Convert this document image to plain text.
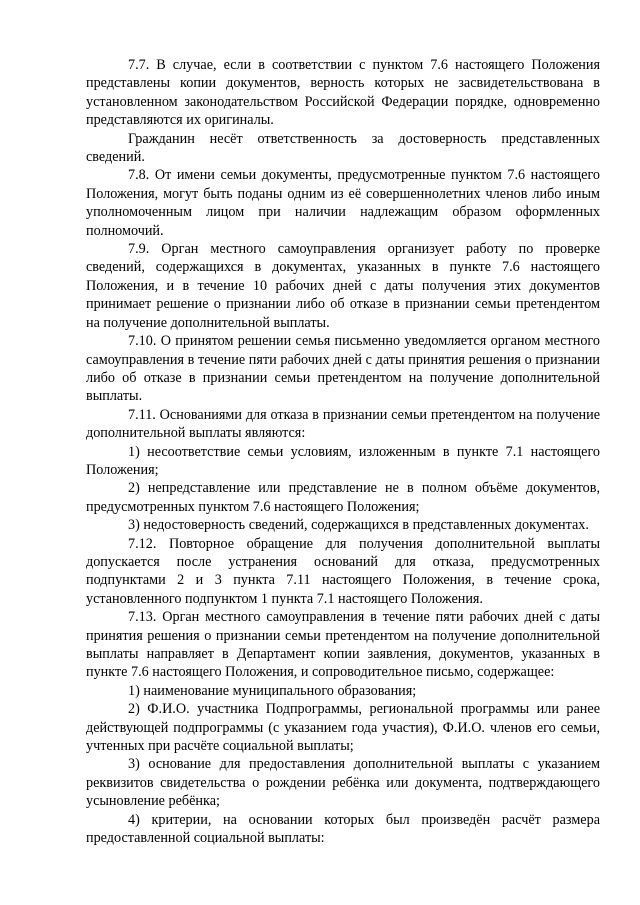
7.7. В случае, если в соответствии с пунктом 7.6 настоящего Положения представлены копии документов, верность которых не засвидетельствована в установленном законодательством Российской Федерации порядке, одновременно представляются их оригиналы.

Гражданин несёт ответственность за достоверность представленных сведений.

7.8. От имени семьи документы, предусмотренные пунктом 7.6 настоящего Положения, могут быть поданы одним из её совершеннолетних членов либо иным уполномоченным лицом при наличии надлежащим образом оформленных полномочий.

7.9. Орган местного самоуправления организует работу по проверке сведений, содержащихся в документах, указанных в пункте 7.6 настоящего Положения, и в течение 10 рабочих дней с даты получения этих документов принимает решение о признании либо об отказе в признании семьи претендентом на получение дополнительной выплаты.

7.10. О принятом решении семья письменно уведомляется органом местного самоуправления в течение пяти рабочих дней с даты принятия решения о признании либо об отказе в признании семьи претендентом на получение дополнительной выплаты.

7.11. Основаниями для отказа в признании семьи претендентом на получение дополнительной выплаты являются:

1) несоответствие семьи условиям, изложенным в пункте 7.1 настоящего Положения;

2) непредставление или представление не в полном объёме документов, предусмотренных пунктом 7.6 настоящего Положения;

3) недостоверность сведений, содержащихся в представленных документах.

7.12. Повторное обращение для получения дополнительной выплаты допускается после устранения оснований для отказа, предусмотренных подпунктами 2 и 3 пункта 7.11 настоящего Положения, в течение срока, установленного подпунктом 1 пункта 7.1 настоящего Положения.

7.13. Орган местного самоуправления в течение пяти рабочих дней с даты принятия решения о признании семьи претендентом на получение дополнительной выплаты направляет в Департамент копии заявления, документов, указанных в пункте 7.6 настоящего Положения, и сопроводительное письмо, содержащее:

1) наименование муниципального образования;

2) Ф.И.О. участника Подпрограммы, региональной программы или ранее действующей подпрограммы (с указанием года участия), Ф.И.О. членов его семьи, учтенных при расчёте социальной выплаты;

3) основание для предоставления дополнительной выплаты с указанием реквизитов свидетельства о рождении ребёнка или документа, подтверждающего усыновление ребёнка;

4) критерии, на основании которых был произведён расчёт размера предоставленной социальной выплаты:
